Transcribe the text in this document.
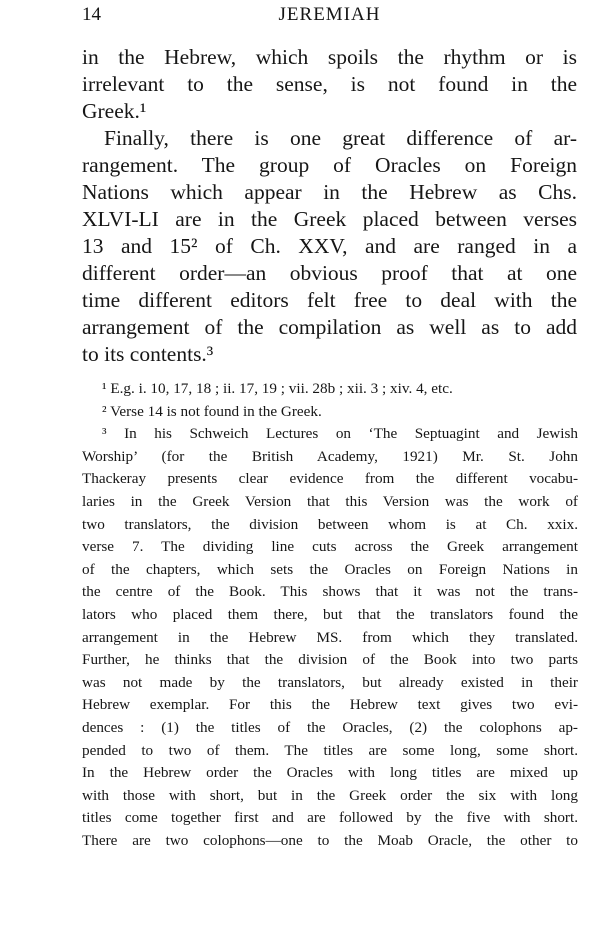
14	JEREMIAH
in the Hebrew, which spoils the rhythm or is
irrelevant to the sense, is not found in the
Greek.¹
Finally, there is one great difference of ar-
rangement. The group of Oracles on Foreign
Nations which appear in the Hebrew as Chs.
XLVI-LI are in the Greek placed between verses
13 and 15² of Ch. XXV, and are ranged in a
different order—an obvious proof that at one
time different editors felt free to deal with the
arrangement of the compilation as well as to add
to its contents.³
¹ E.g. i. 10, 17, 18 ; ii. 17, 19 ; vii. 28b ; xii. 3 ; xiv. 4, etc.
² Verse 14 is not found in the Greek.
³ In his Schweich Lectures on ‘The Septuagint and Jewish
Worship’ (for the British Academy, 1921) Mr. St. John
Thackeray presents clear evidence from the different vocabu-
laries in the Greek Version that this Version was the work of
two translators, the division between whom is at Ch. xxix.
verse 7. The dividing line cuts across the Greek arrangement
of the chapters, which sets the Oracles on Foreign Nations in
the centre of the Book. This shows that it was not the trans-
lators who placed them there, but that the translators found the
arrangement in the Hebrew MS. from which they translated.
Further, he thinks that the division of the Book into two parts
was not made by the translators, but already existed in their
Hebrew exemplar. For this the Hebrew text gives two evi-
dences : (1) the titles of the Oracles, (2) the colophons ap-
pended to two of them. The titles are some long, some short.
In the Hebrew order the Oracles with long titles are mixed up
with those with short, but in the Greek order the six with long
titles come together first and are followed by the five with short.
There are two colophons—one to the Moab Oracle, the other to
